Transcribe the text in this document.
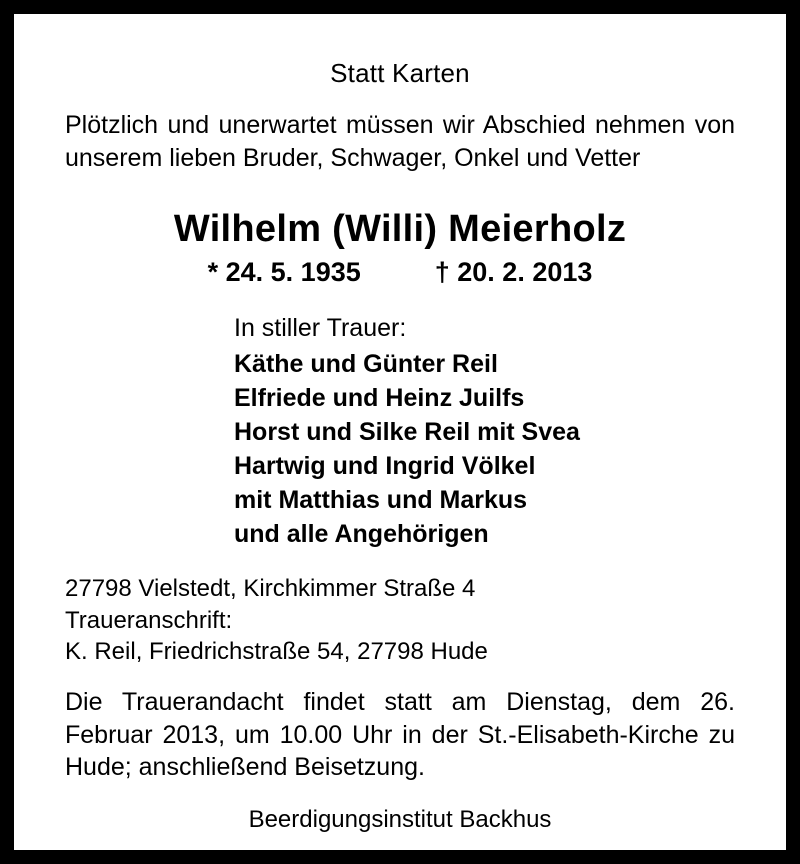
Statt Karten
Plötzlich und unerwartet müssen wir Abschied nehmen von unserem lieben Bruder, Schwager, Onkel und Vetter
Wilhelm (Willi) Meierholz
* 24. 5. 1935	† 20. 2. 2013
In stiller Trauer:
Käthe und Günter Reil
Elfriede und Heinz Juilfs
Horst und Silke Reil mit Svea
Hartwig und Ingrid Völkel
mit Matthias und Markus
und alle Angehörigen
27798 Vielstedt, Kirchkimmer Straße 4
Traueranschrift:
K. Reil, Friedrichstraße 54, 27798 Hude
Die Trauerandacht findet statt am Dienstag, dem 26. Februar 2013, um 10.00 Uhr in der St.-Elisabeth-Kirche zu Hude; anschließend Beisetzung.
Beerdigungsinstitut Backhus
